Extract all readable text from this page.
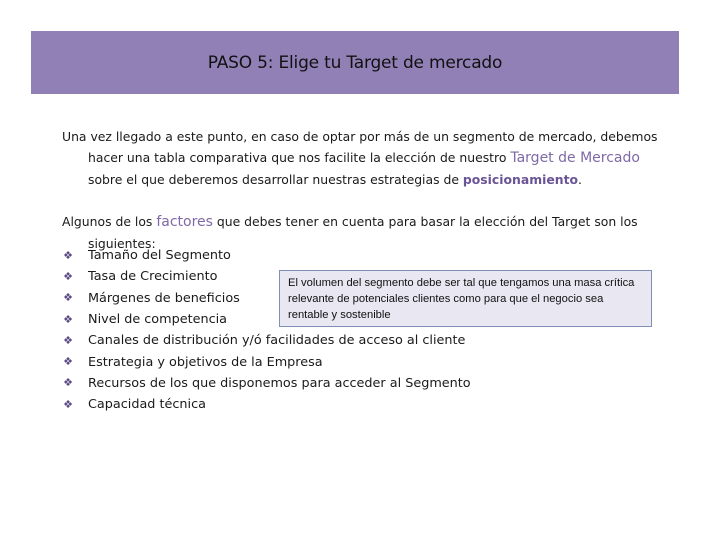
PASO 5: Elige tu Target de mercado
Una vez llegado a este punto, en caso de optar por más de un segmento de mercado, debemos hacer una tabla comparativa que nos facilite la elección de nuestro Target de Mercado sobre el que deberemos desarrollar nuestras estrategias de posicionamiento.
Algunos de los factores que debes tener en cuenta para basar la elección del Target son los siguientes:
❖ Tamaño del Segmento
❖ Tasa de Crecimiento
❖ Márgenes de beneficios
❖ Nivel de competencia
❖ Canales de distribución y/ó facilidades de acceso al cliente
❖ Estrategia y objetivos de la Empresa
❖ Recursos de los que disponemos para acceder al Segmento
❖ Capacidad técnica
El volumen del segmento debe ser tal que tengamos una masa crítica relevante de potenciales clientes como para que el negocio sea rentable y sostenible
